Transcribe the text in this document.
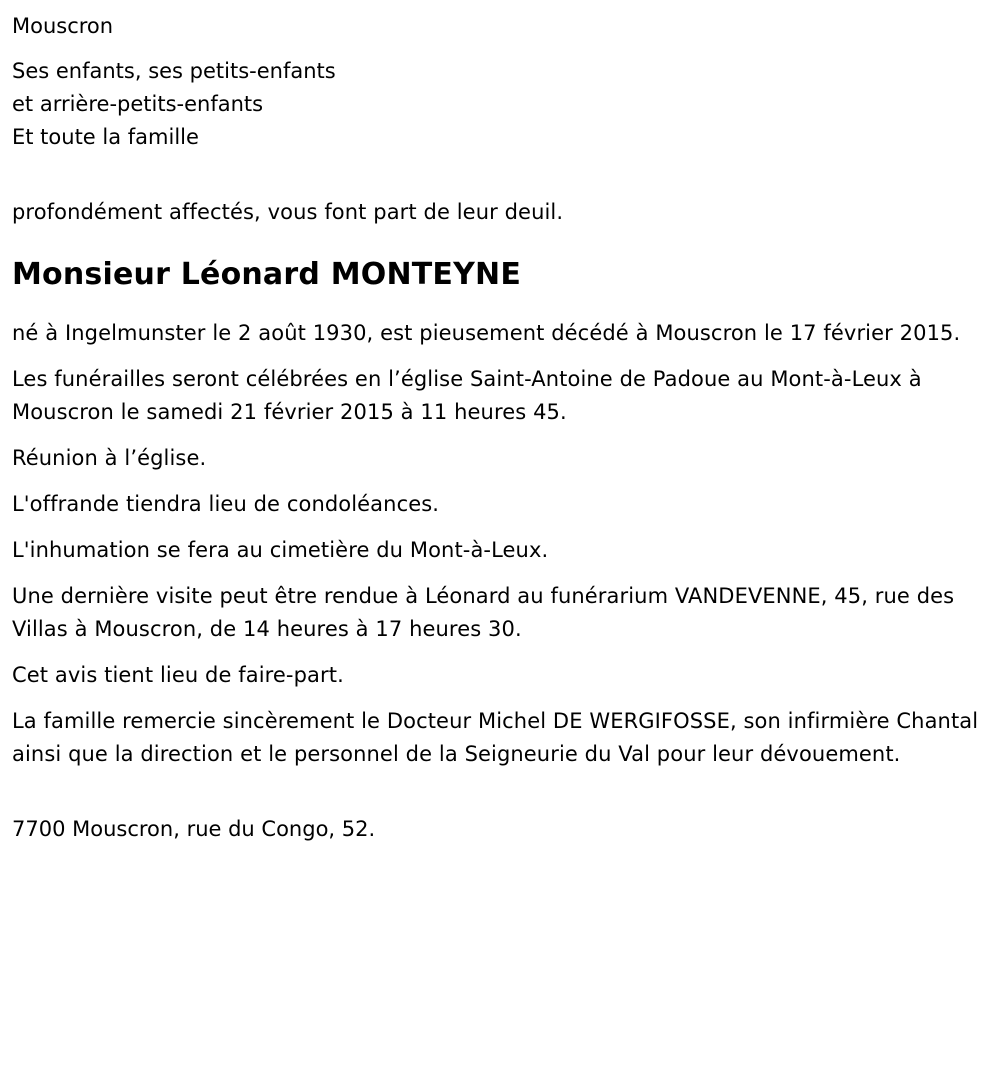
Mouscron

Ses enfants, ses petits-enfants
et arrière-petits-enfants
Et toute la famille

profondément affectés, vous font part de leur deuil.

Monsieur Léonard MONTEYNE

né à Ingelmunster le 2 août 1930, est pieusement décédé à Mouscron le 17 février 2015.

Les funérailles seront célébrées en l’église Saint-Antoine de Padoue au Mont-à-Leux à Mouscron le samedi 21 février 2015 à 11 heures 45.

Réunion à l’église.

L'offrande tiendra lieu de condoléances.

L'inhumation se fera au cimetière du Mont-à-Leux.

Une dernière visite peut être rendue à Léonard au funérarium VANDEVENNE, 45, rue des Villas à Mouscron, de 14 heures à 17 heures 30.

Cet avis tient lieu de faire-part.

La famille remercie sincèrement le Docteur Michel DE WERGIFOSSE, son infirmière Chantal ainsi que la direction et le personnel de la Seigneurie du Val pour leur dévouement.

7700 Mouscron, rue du Congo, 52.
